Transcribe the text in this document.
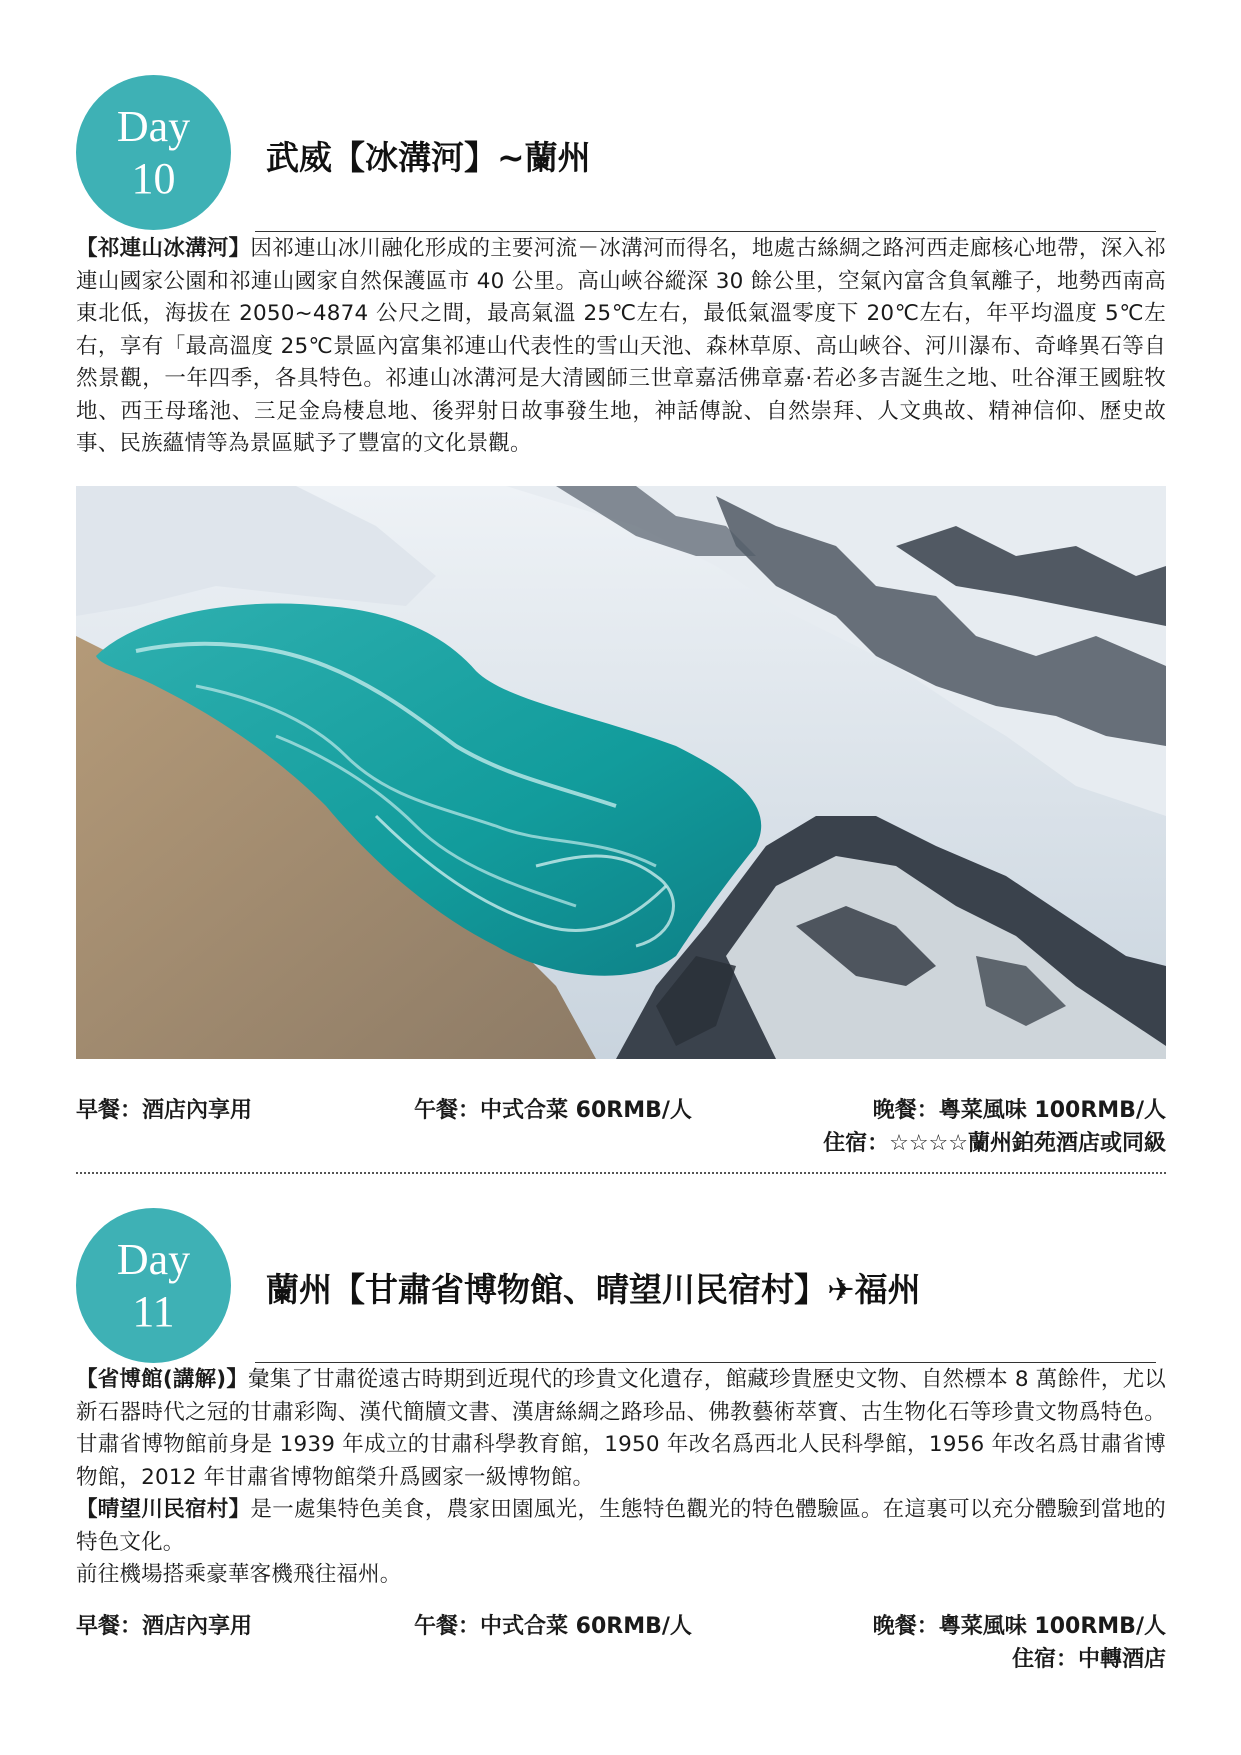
Day
10	武威【冰溝河】~蘭州
【祁連山冰溝河】因祁連山冰川融化形成的主要河流－冰溝河而得名，地處古絲綢之路河西走廊核心地帶，深入祁連山國家公園和祁連山國家自然保護區市 40 公里。高山峽谷縱深 30 餘公里，空氣內富含負氧離子，地勢西南高東北低，海拔在 2050~4874 公尺之間，最高氣溫 25℃左右，最低氣溫零度下 20℃左右，年平均溫度 5℃左右，享有「最高溫度 25℃景區內富集祁連山代表性的雪山天池、森林草原、高山峽谷、河川瀑布、奇峰異石等自然景觀，一年四季，各具特色。祁連山冰溝河是大清國師三世章嘉活佛章嘉·若必多吉誕生之地、吐谷渾王國駐牧地、西王母瑤池、三足金烏棲息地、後羿射日故事發生地，神話傳說、自然崇拜、人文典故、精神信仰、歷史故事、民族蘊情等為景區賦予了豐富的文化景觀。
早餐：酒店內享用	午餐：中式合菜 60RMB/人	晚餐：粵菜風味 100RMB/人
住宿：☆☆☆☆蘭州鉑苑酒店或同級
Day
11	蘭州【甘肅省博物館、晴望川民宿村】✈福州
【省博館(講解)】彙集了甘肅從遠古時期到近現代的珍貴文化遺存，館藏珍貴歷史文物、自然標本 8 萬餘件，尤以新石器時代之冠的甘肅彩陶、漢代簡牘文書、漢唐絲綢之路珍品、佛教藝術萃寶、古生物化石等珍貴文物爲特色。甘肅省博物館前身是 1939 年成立的甘肅科學教育館，1950 年改名爲西北人民科學館，1956 年改名爲甘肅省博物館，2012 年甘肅省博物館榮升爲國家一級博物館。
【晴望川民宿村】是一處集特色美食，農家田園風光，生態特色觀光的特色體驗區。在這裏可以充分體驗到當地的特色文化。
前往機場搭乘豪華客機飛往福州。
早餐：酒店內享用	午餐：中式合菜 60RMB/人	晚餐：粵菜風味 100RMB/人
住宿：中轉酒店
